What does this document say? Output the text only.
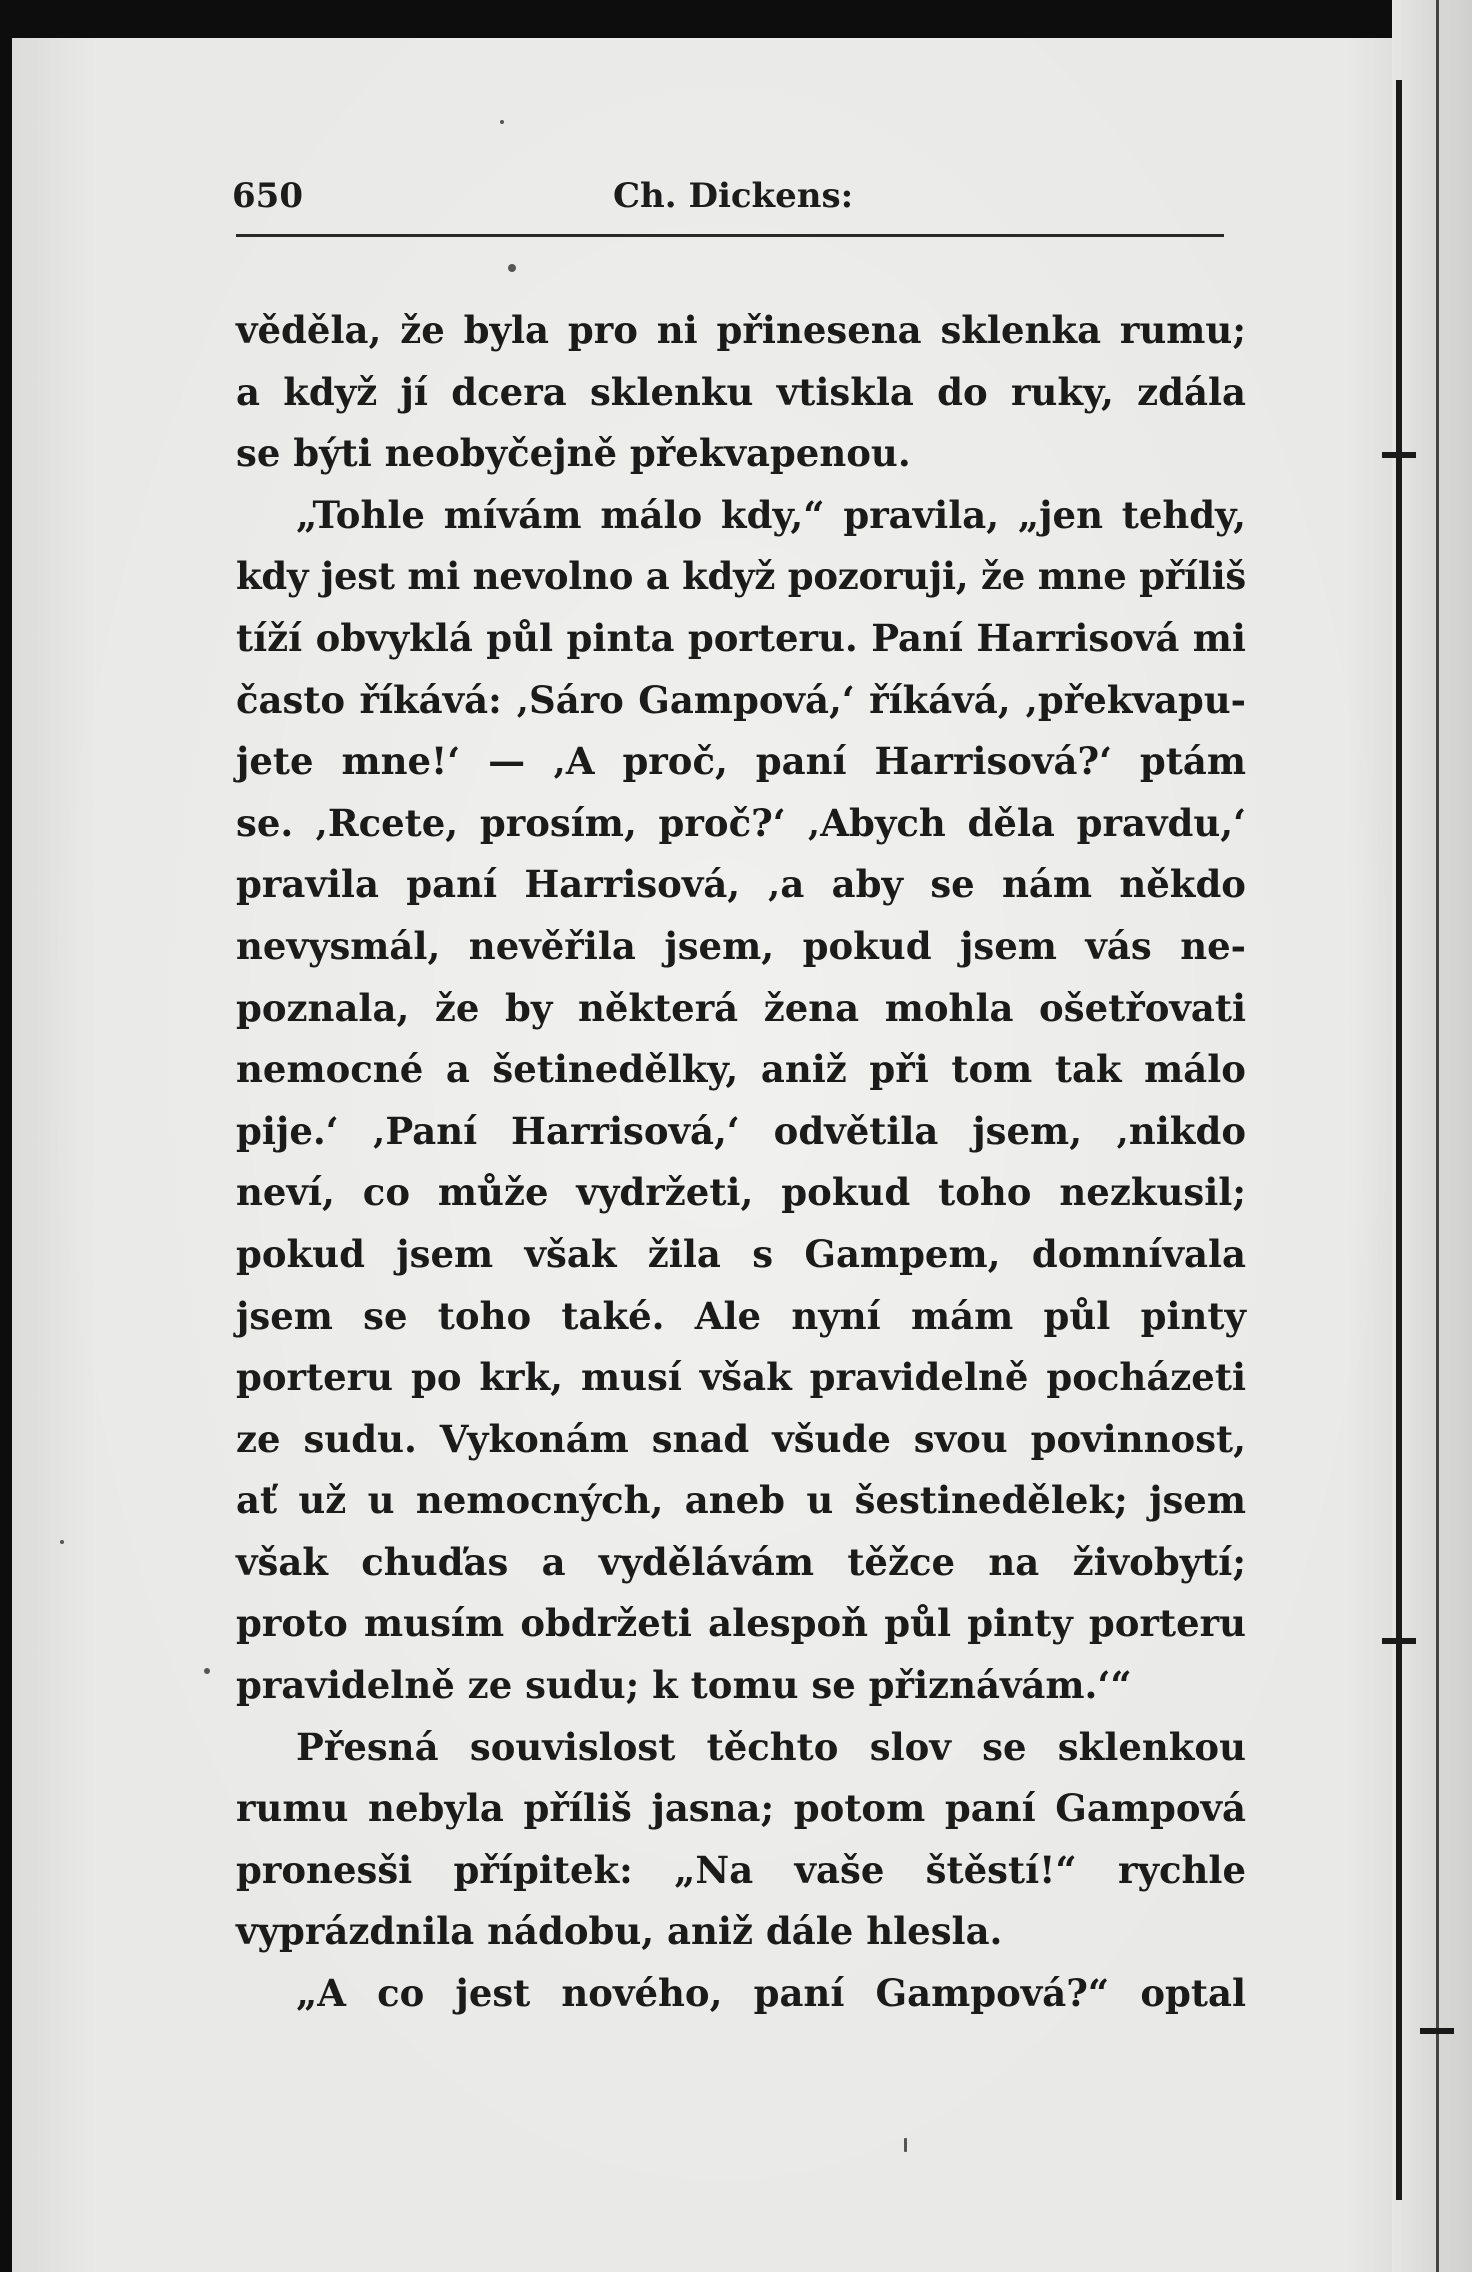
650	Ch. Dickens:
věděla, že byla pro ni přinesena sklenka rumu;
a když jí dcera sklenku vtiskla do ruky, zdála
se býti neobyčejně překvapenou.
„Tohle mívám málo kdy,“ pravila, „jen tehdy,
kdy jest mi nevolno a když pozoruji, že mne příliš
tíží obvyklá půl pinta porteru. Paní Harrisová mi
často říkává: ‚Sáro Gampová,‘ říkává, ‚překvapu-
jete mne!‘ — ‚A proč, paní Harrisová?‘ ptám
se. ‚Rcete, prosím, proč?‘ ‚Abych děla pravdu,‘
pravila paní Harrisová, ‚a aby se nám někdo
nevysmál, nevěřila jsem, pokud jsem vás ne-
poznala, že by některá žena mohla ošetřovati
nemocné a šetinedělky, aniž při tom tak málo
pije.‘ ‚Paní Harrisová,‘ odvětila jsem, ‚nikdo
neví, co může vydržeti, pokud toho nezkusil;
pokud jsem však žila s Gampem, domnívala
jsem se toho také. Ale nyní mám půl pinty
porteru po krk, musí však pravidelně pocházeti
ze sudu. Vykonám snad všude svou povinnost,
ať už u nemocných, aneb u šestinedělek; jsem
však chuďas a vydělávám těžce na živobytí;
proto musím obdržeti alespoň půl pinty porteru
pravidelně ze sudu; k tomu se přiznávám.‘“
Přesná souvislost těchto slov se sklenkou
rumu nebyla příliš jasna; potom paní Gampová
pronesši přípitek: „Na vaše štěstí!“ rychle
vyprázdnila nádobu, aniž dále hlesla.
„A co jest nového, paní Gampová?“ optal
